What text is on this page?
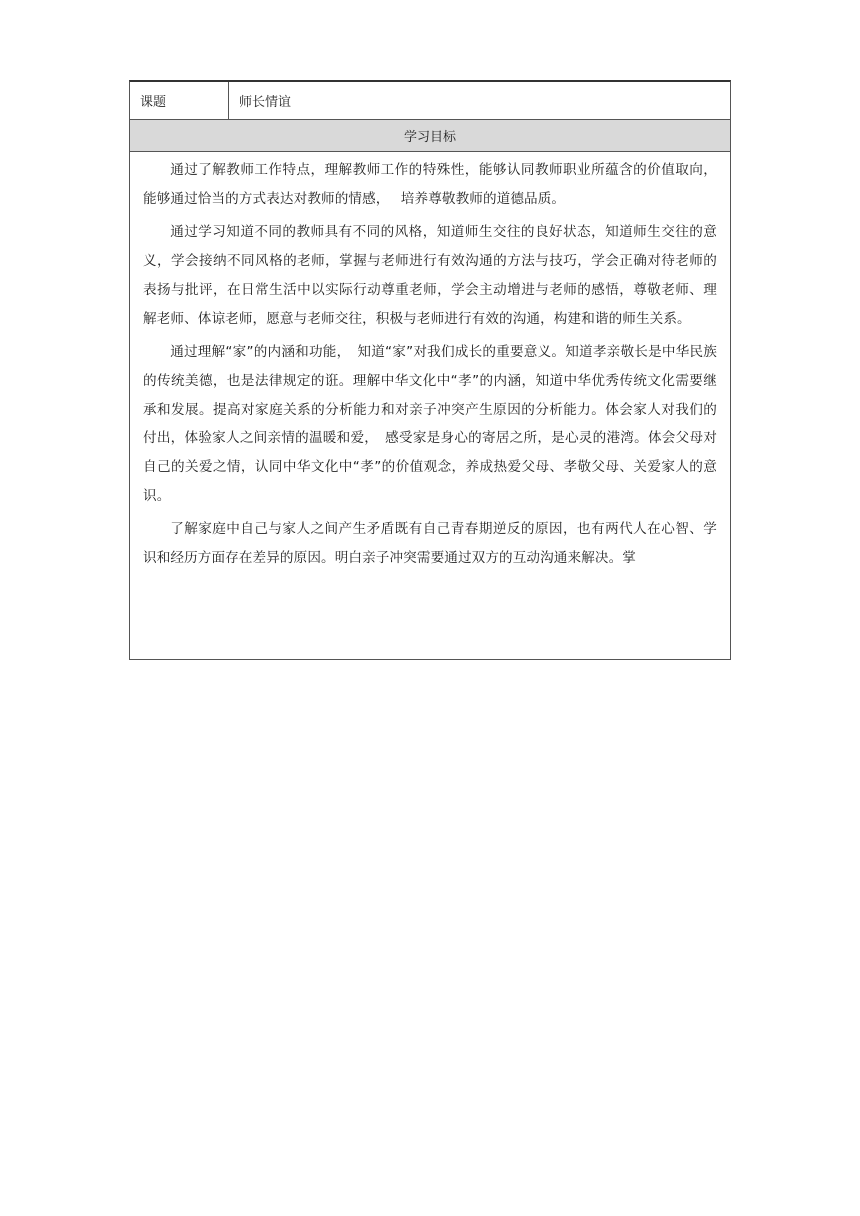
课题	师长情谊
学习目标

通过了解教师工作特点，理解教师工作的特殊性，能够认同教师职业所蕴含的价值取向，能够通过恰当的方式表达对教师的情感，　 培养尊敬教师的道德品质。

通过学习知道不同的教师具有不同的风格，知道师生交往的良好状态，知道师生交往的意义，学会接纳不同风格的老师，掌握与老师进行有效沟通的方法与技巧，学会正确对待老师的表扬与批评，在日常生活中以实际行动尊重老师，学会主动增进与老师的感悟，尊敬老师、理解老师、体谅老师，愿意与老师交往，积极与老师进行有效的沟通，构建和谐的师生关系。

通过理解“家”的内涵和功能，　知道“家”对我们成长的重要意义。知道孝亲敬长是中华民族的传统美德，也是法律规定的诳。理解中华文化中“孝”的内涵，知道中华优秀传统文化需要继承和发展。提高对家庭关系的分析能力和对亲子冲突产生原因的分析能力。体会家人对我们的付出，体验家人之间亲情的温暖和爱，　感受家是身心的寄居之所，是心灵的港湾。体会父母对自己的关爱之情，认同中华文化中“孝”的价值观念，养成热爱父母、孝敬父母、关爱家人的意识。

了解家庭中自己与家人之间产生矛盾既有自己青春期逆反的原因，也有两代人在心智、学识和经历方面存在差异的原因。明白亲子冲突需要通过双方的互动沟通来解决。掌
